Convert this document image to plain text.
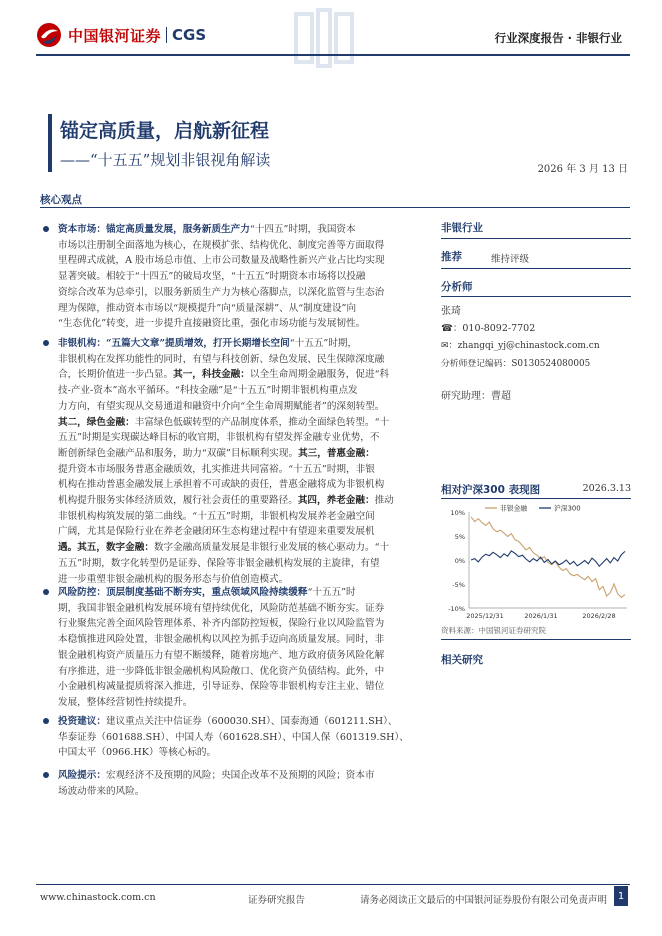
中国银河证券 CGS	行业深度报告 · 非银行业
锚定高质量，启航新征程
——“十五五”规划非银视角解读
2026 年 3 月 13 日
核心观点
资本市场：锚定高质量发展，服务新质生产力“十四五”时期，我国资本
市场以注册制全面落地为核心，在规模扩张、结构优化、制度完善等方面取得
里程碑式成就，A 股市场总市值、上市公司数量及战略性新兴产业占比均实现
显著突破。相较于“十四五”的破局攻坚，“十五五”时期资本市场将以投融
资综合改革为总牵引，以服务新质生产力为核心落脚点，以深化监管与生态治
理为保障，推动资本市场以“规模提升”向“质量深耕”、从“制度建设”向
“生态优化”转变，进一步提升直接融资比重，强化市场功能与发展韧性。
非银机构：“五篇大文章”提质增效，打开长期增长空间“十五五”时期，
非银机构在发挥功能性的同时，有望与科技创新、绿色发展、民生保障深度融
合，长期价值进一步凸显。其一，科技金融：以全生命周期金融服务，促进“科
技-产业-资本”高水平循环。“科技金融”是“十五五”时期非银机构重点发
力方向，有望实现从交易通道和融资中介向“全生命周期赋能者”的深刻转型。
其二，绿色金融：丰富绿色低碳转型的产品制度体系，推动全面绿色转型。“十
五五”时期是实现碳达峰目标的收官期，非银机构有望发挥金融专业优势，不
断创新绿色金融产品和服务，助力“双碳”目标顺利实现。其三，普惠金融：
提升资本市场服务普惠金融质效，扎实推进共同富裕。“十五五”时期，非银
机构在推动普惠金融发展上承担着不可或缺的责任，普惠金融将成为非银机构
机构提升服务实体经济质效，履行社会责任的重要路径。其四，养老金融：推动
非银机构构筑发展的第二曲线。“十五五”时期，非银机构发展养老金融空间
广阔，尤其是保险行业在养老金融闭环生态构建过程中有望迎来重要发展机
遇。其五，数字金融：数字金融高质量发展是非银行业发展的核心驱动力。“十
五五”时期，数字化转型仍是证券、保险等非银金融机构发展的主旋律，有望
进一步重塑非银金融机构的服务形态与价值创造模式。
风险防控：顶层制度基础不断夯实，重点领域风险持续缓释“十五五”时
期，我国非银金融机构发展环境有望持续优化，风险防范基础不断夯实。证券
行业聚焦完善全面风险管理体系、补齐内部防控短板，保险行业以风险监管为
本稳慎推进风险处置，非银金融机构以风控为抓手迈向高质量发展。同时，非
银金融机构资产质量压力有望不断缓释，随着房地产、地方政府债务风险化解
有序推进，进一步降低非银金融机构风险敞口、优化资产负债结构。此外，中
小金融机构减量提质将深入推进，引导证券、保险等非银机构专注主业、错位
发展，整体经营韧性持续提升。
投资建议：建议重点关注中信证券（600030.SH）、国泰海通（601211.SH）、
华泰证券（601688.SH）、中国人寿（601628.SH）、中国人保（601319.SH）、
中国太平（0966.HK）等核心标的。
风险提示：宏观经济不及预期的风险；央国企改革不及预期的风险；资本市
场波动带来的风险。
非银行业
推荐	维持评级
分析师
张琦
☎：010-8092-7702
✉：zhangqi_yj@chinastock.com.cn
分析师登记编码：S0130524080005
研究助理：曹超
相对沪深300 表现图	2026.3.13
资料来源：中国银河证券研究院
相关研究
10%
5%
0%
-5%
-10%
2025/12/31	2026/1/31	2026/2/28
非银金融	沪深300
www.chinastock.com.cn	证券研究报告	请务必阅读正文最后的中国银河证券股份有限公司免责声明	1
